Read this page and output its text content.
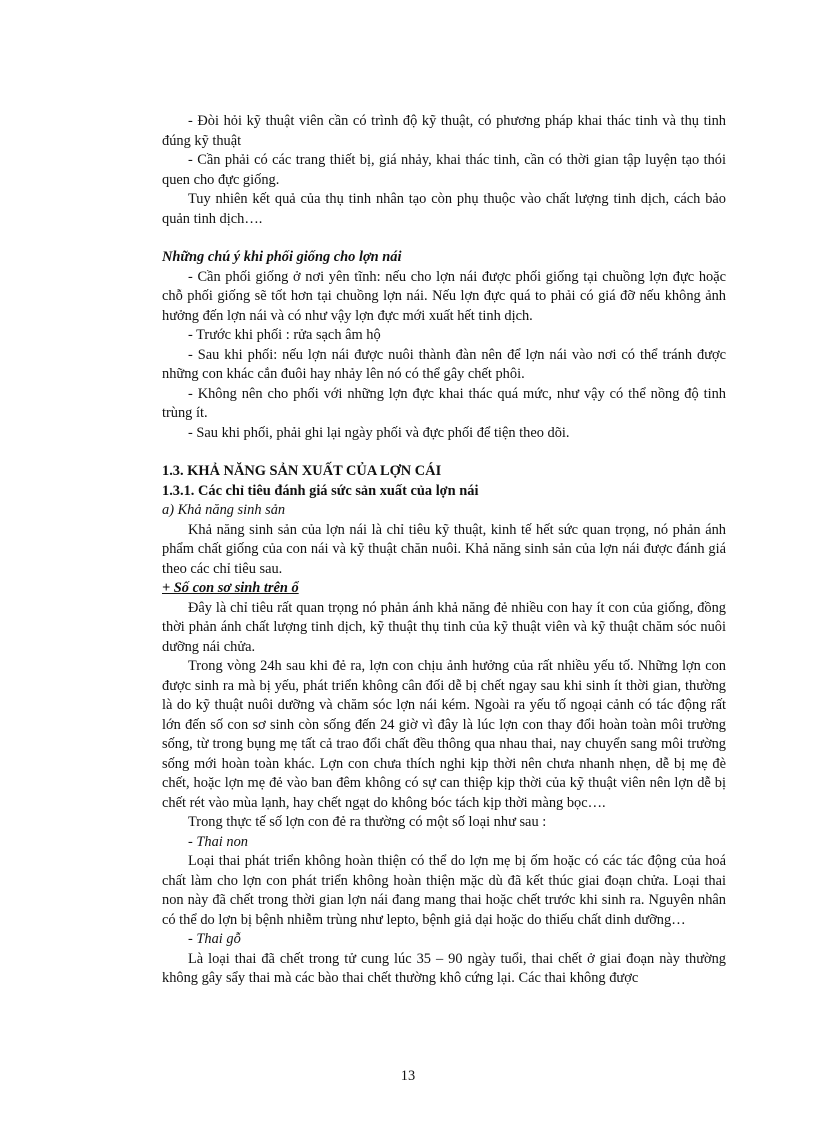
- Đòi hỏi kỹ thuật viên cần có trình độ kỹ thuật, có phương pháp khai thác tinh và thụ tinh đúng kỹ thuật

- Cần phải có các trang thiết bị, giá nhảy, khai thác tinh, cần có thời gian tập luyện tạo thói quen cho đực giống.

Tuy nhiên kết quả của thụ tinh nhân tạo còn phụ thuộc vào chất lượng tinh dịch, cách bảo quản tinh dịch….

Những chú ý khi phối giống cho lợn nái

- Cần phối giống ở nơi yên tĩnh: nếu cho lợn nái được phối giống tại chuồng lợn đực hoặc chỗ phối giống sẽ tốt hơn tại chuồng lợn nái. Nếu lợn đực quá to phải có giá đỡ nếu không ảnh hưởng đến lợn nái và có như vậy lợn đực mới xuất hết tinh dịch.

- Trước khi phối : rửa sạch âm hộ

- Sau khi phối: nếu lợn nái được nuôi thành đàn nên để lợn nái vào nơi có thể tránh được những con khác cắn đuôi hay nhảy lên nó có thể gây chết phôi.

- Không nên cho phối với những lợn đực khai thác quá mức, như vậy có thể nồng độ tinh trùng ít.

- Sau khi phối, phải ghi lại ngày phối và đực phối để tiện theo dõi.

1.3. KHẢ NĂNG SẢN XUẤT CỦA LỢN CÁI

1.3.1. Các chỉ tiêu đánh giá sức sản xuất của lợn nái

a) Khả năng sinh sản

Khả năng sinh sản của lợn nái là chỉ tiêu kỹ thuật, kinh tế hết sức quan trọng, nó phản ánh phẩm chất giống của con nái và kỹ thuật chăn nuôi. Khả năng sinh sản của lợn nái được đánh giá theo các chỉ tiêu sau.

+ Số con sơ sinh trên ổ

Đây là chỉ tiêu rất quan trọng nó phản ánh khả năng đẻ nhiều con hay ít con của giống, đồng thời phản ánh chất lượng tinh dịch, kỹ thuật thụ tinh của kỹ thuật viên và kỹ thuật chăm sóc nuôi dưỡng nái chửa.

Trong vòng 24h sau khi đẻ ra, lợn con chịu ảnh hưởng của rất nhiều yếu tố. Những lợn con được sinh ra mà bị yếu, phát triển không cân đối dễ bị chết ngay sau khi sinh ít thời gian, thường là do kỹ thuật nuôi dưỡng và chăm sóc lợn nái kém. Ngoài ra yếu tố ngoại cảnh có tác động rất lớn đến số con sơ sinh còn sống đến 24 giờ vì đây là lúc lợn con thay đổi hoàn toàn môi trường sống, từ trong bụng mẹ tất cả trao đổi chất đều thông qua nhau thai, nay chuyển sang môi trường sống mới hoàn toàn khác. Lợn con chưa thích nghi kịp thời nên chưa nhanh nhẹn, dễ bị mẹ đè chết, hoặc lợn mẹ đẻ vào ban đêm không có sự can thiệp kịp thời của kỹ thuật viên nên lợn dễ bị chết rét vào mùa lạnh, hay chết ngạt do không bóc tách kịp thời màng bọc….

Trong thực tế số lợn con đẻ ra thường có một số loại như sau :

- Thai non

Loại thai phát triển không hoàn thiện có thể do lợn mẹ bị ốm hoặc có các tác động của hoá chất làm cho lợn con phát triển không hoàn thiện mặc dù đã kết thúc giai đoạn chửa. Loại thai non này đã chết trong thời gian lợn nái đang mang thai hoặc chết trước khi sinh ra. Nguyên nhân có thể do lợn bị bệnh nhiễm trùng như lepto, bệnh giả dại hoặc do thiếu chất dinh dưỡng…

- Thai gỗ

Là loại thai đã chết trong tử cung lúc 35 – 90 ngày tuổi, thai chết ở giai đoạn này thường không gây sẩy thai mà các bào thai chết thường khô cứng lại. Các thai không được

13
